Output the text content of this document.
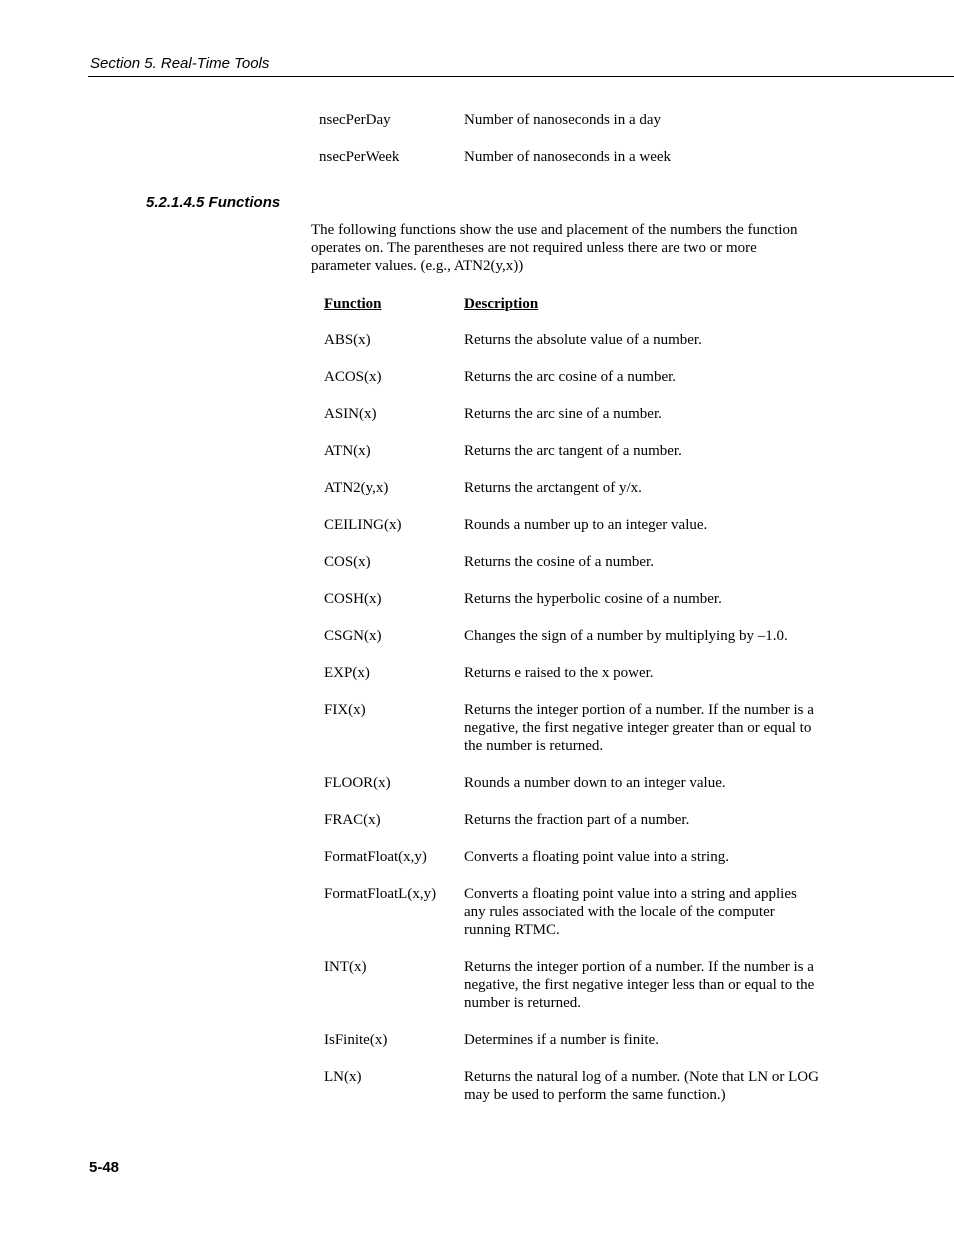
Section 5. Real-Time Tools
nsecPerDay	Number of nanoseconds in a day
nsecPerWeek	Number of nanoseconds in a week
5.2.1.4.5 Functions
The following functions show the use and placement of the numbers the function operates on. The parentheses are not required unless there are two or more parameter values. (e.g., ATN2(y,x))
Function	Description
ABS(x)	Returns the absolute value of a number.
ACOS(x)	Returns the arc cosine of a number.
ASIN(x)	Returns the arc sine of a number.
ATN(x)	Returns the arc tangent of a number.
ATN2(y,x)	Returns the arctangent of y/x.
CEILING(x)	Rounds a number up to an integer value.
COS(x)	Returns the cosine of a number.
COSH(x)	Returns the hyperbolic cosine of a number.
CSGN(x)	Changes the sign of a number by multiplying by –1.0.
EXP(x)	Returns e raised to the x power.
FIX(x)	Returns the integer portion of a number. If the number is a negative, the first negative integer greater than or equal to the number is returned.
FLOOR(x)	Rounds a number down to an integer value.
FRAC(x)	Returns the fraction part of a number.
FormatFloat(x,y) Converts a floating point value into a string.
FormatFloatL(x,y) Converts a floating point value into a string and applies any rules associated with the locale of the computer running RTMC.
INT(x)	Returns the integer portion of a number. If the number is a negative, the first negative integer less than or equal to the number is returned.
IsFinite(x)	Determines if a number is finite.
LN(x)	Returns the natural log of a number. (Note that LN or LOG may be used to perform the same function.)
5-48
